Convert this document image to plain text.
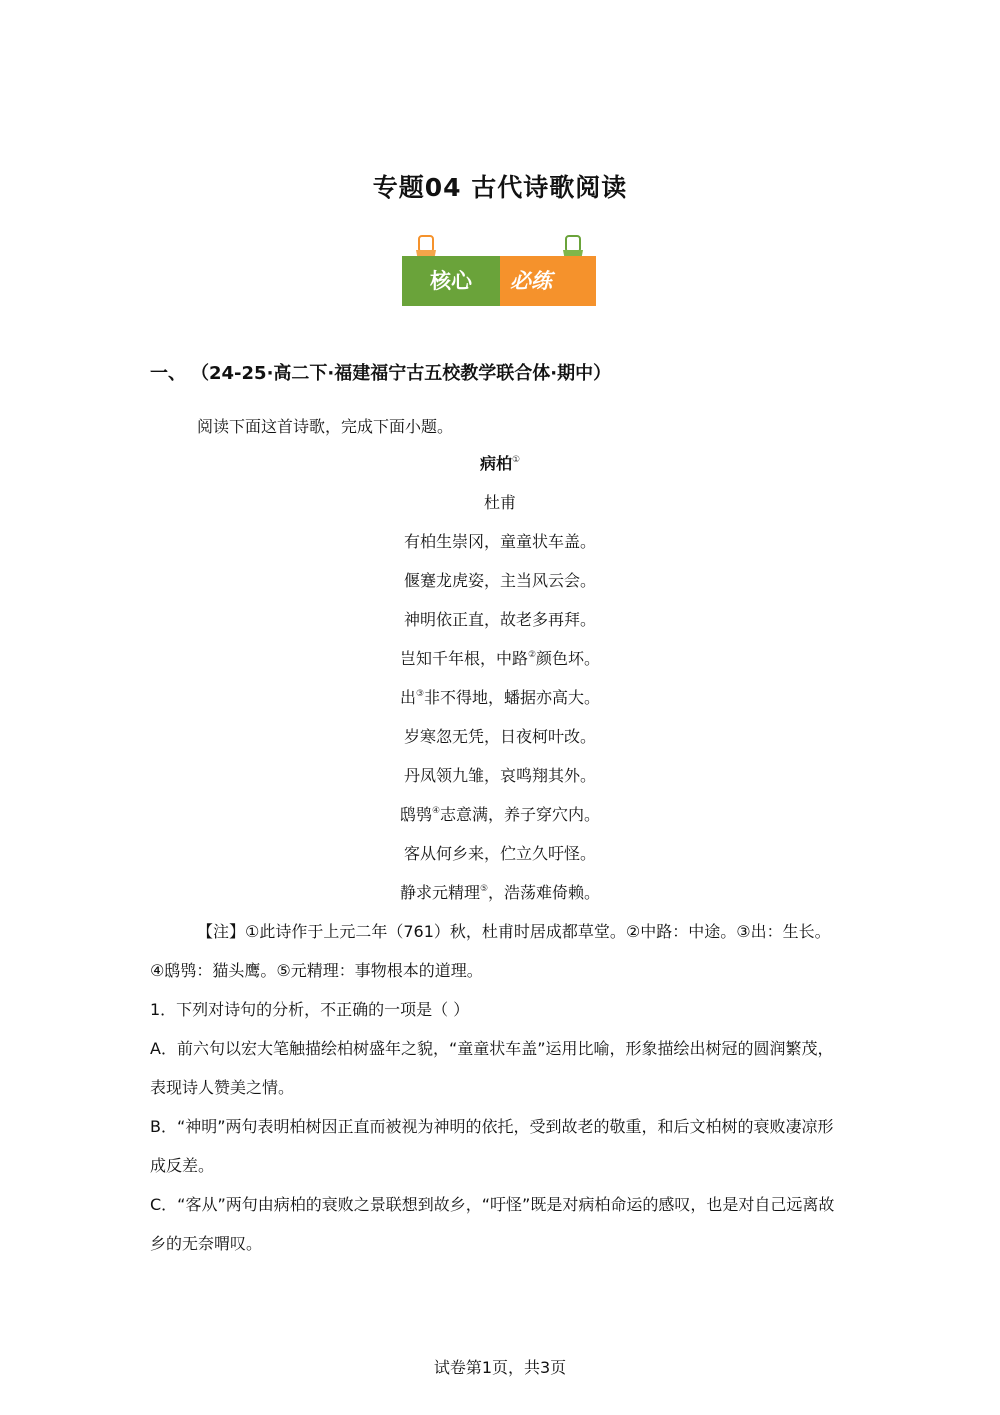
专题04 古代诗歌阅读
核心 必练
一、 （24-25·高二下·福建福宁古五校教学联合体·期中）
阅读下面这首诗歌，完成下面小题。
病柏①
杜甫
有柏生崇冈，童童状车盖。
偃蹇龙虎姿，主当风云会。
神明依正直，故老多再拜。
岂知千年根，中路②颜色坏。
出③非不得地，蟠据亦高大。
岁寒忽无凭，日夜柯叶改。
丹凤领九雏，哀鸣翔其外。
鸱鸮④志意满，养子穿穴内。
客从何乡来，伫立久吁怪。
静求元精理⑤，浩荡难倚赖。
【注】①此诗作于上元二年（761）秋，杜甫时居成都草堂。②中路：中途。③出：生长。④鸱鸮：猫头鹰。⑤元精理：事物根本的道理。
1．下列对诗句的分析，不正确的一项是（ ）
A．前六句以宏大笔触描绘柏树盛年之貌，“童童状车盖”运用比喻，形象描绘出树冠的圆润繁茂，表现诗人赞美之情。
B．“神明”两句表明柏树因正直而被视为神明的依托，受到故老的敬重，和后文柏树的衰败凄凉形成反差。
C．“客从”两句由病柏的衰败之景联想到故乡，“吁怪”既是对病柏命运的感叹，也是对自己远离故乡的无奈喟叹。
试卷第1页，共3页
